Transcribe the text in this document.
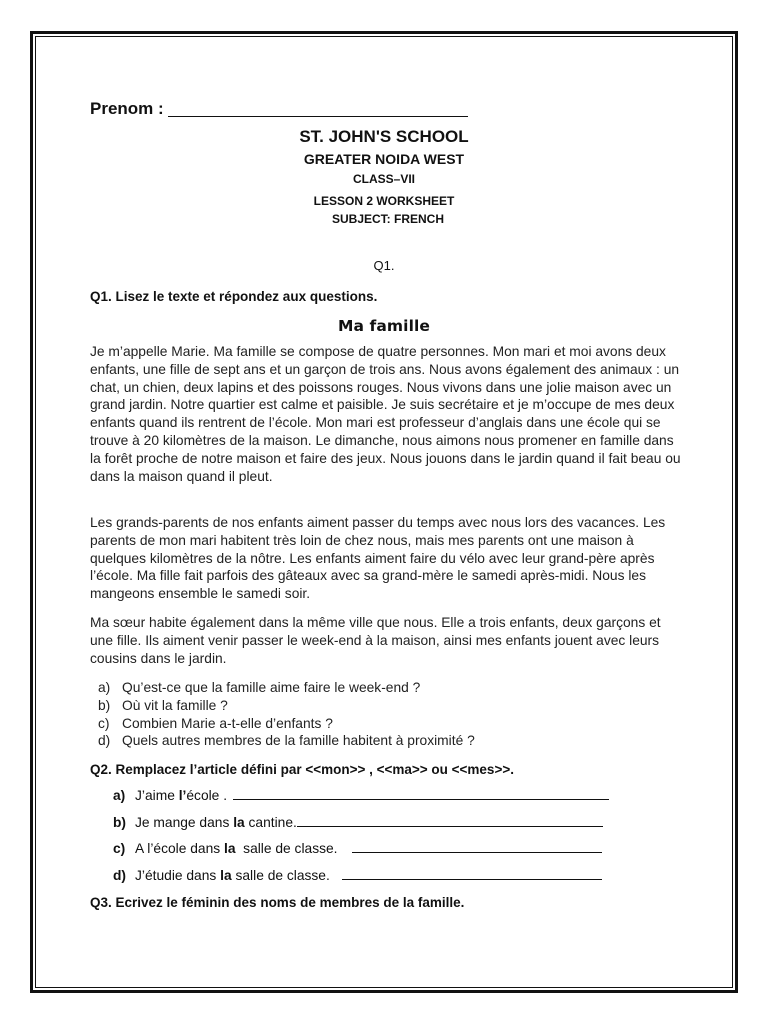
Prenom :
ST. JOHN'S SCHOOL
GREATER NOIDA WEST
CLASS–VII
LESSON 2 WORKSHEET
SUBJECT: FRENCH
Q1.
Q1. Lisez le texte et répondez aux questions.
Ma famille
Je m’appelle Marie. Ma famille se compose de quatre personnes. Mon mari et moi avons deux enfants, une fille de sept ans et un garçon de trois ans. Nous avons également des animaux : un chat, un chien, deux lapins et des poissons rouges. Nous vivons dans une jolie maison avec un grand jardin. Notre quartier est calme et paisible. Je suis secrétaire et je m’occupe de mes deux enfants quand ils rentrent de l’école. Mon mari est professeur d’anglais dans une école qui se trouve à 20 kilomètres de la maison. Le dimanche, nous aimons nous promener en famille dans la forêt proche de notre maison et faire des jeux. Nous jouons dans le jardin quand il fait beau ou dans la maison quand il pleut.
Les grands-parents de nos enfants aiment passer du temps avec nous lors des vacances. Les parents de mon mari habitent très loin de chez nous, mais mes parents ont une maison à quelques kilomètres de la nôtre. Les enfants aiment faire du vélo avec leur grand-père après l’école. Ma fille fait parfois des gâteaux avec sa grand-mère le samedi après-midi. Nous les mangeons ensemble le samedi soir.
Ma sœur habite également dans la même ville que nous. Elle a trois enfants, deux garçons et une fille. Ils aiment venir passer le week-end à la maison, ainsi mes enfants jouent avec leurs cousins dans le jardin.
a) Qu’est-ce que la famille aime faire le week-end ?
b) Où vit la famille ?
c) Combien Marie a-t-elle d’enfants ?
d) Quels autres membres de la famille habitent à proximité ?
Q2. Remplacez l’article défini par <<mon>> , <<ma>> ou <<mes>>.
a) J’aime l’école .
b) Je mange dans la cantine.
c) A l’école dans la  salle de classe.
d) J’étudie dans la salle de classe.
Q3. Ecrivez le féminin des noms de membres de la famille.
